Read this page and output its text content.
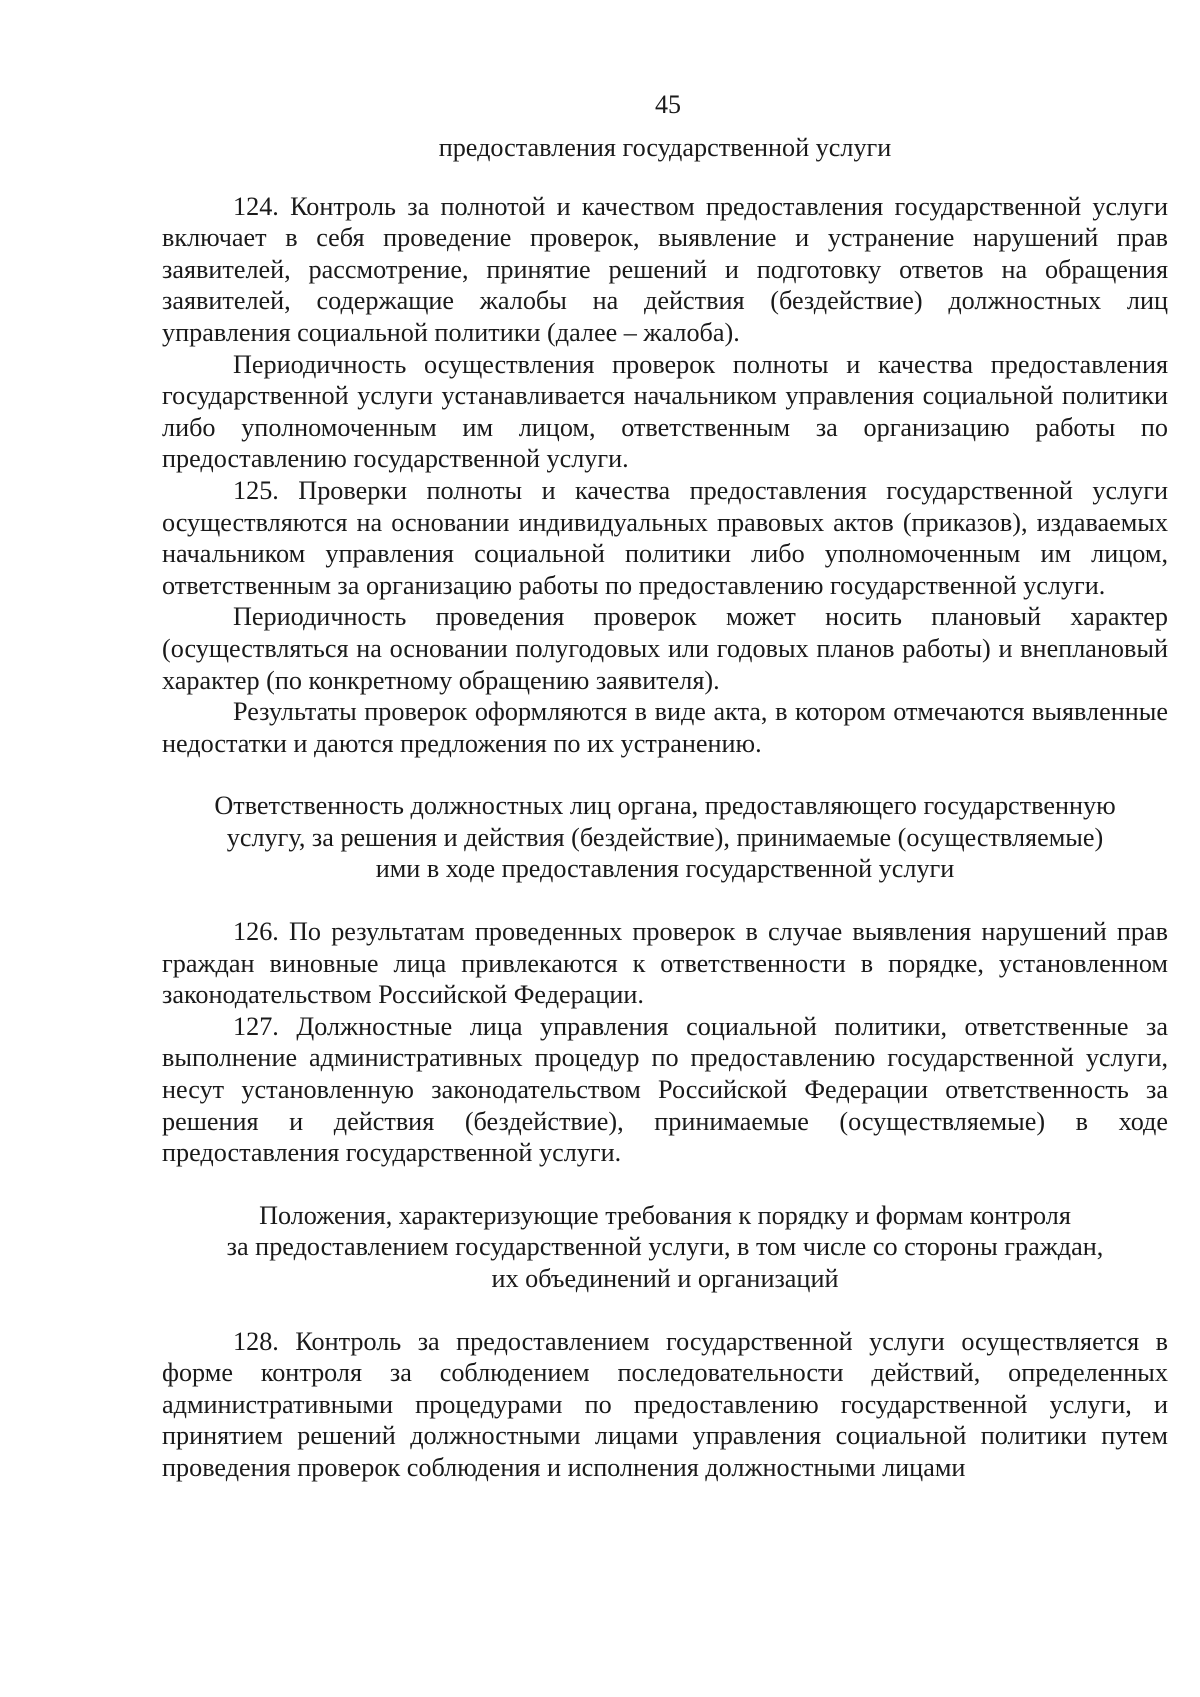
45

предоставления государственной услуги

124. Контроль за полнотой и качеством предоставления государственной услуги включает в себя проведение проверок, выявление и устранение нарушений прав заявителей, рассмотрение, принятие решений и подготовку ответов на обращения заявителей, содержащие жалобы на действия (бездействие) должностных лиц управления социальной политики (далее – жалоба).

Периодичность осуществления проверок полноты и качества предоставления государственной услуги устанавливается начальником управления социальной политики либо уполномоченным им лицом, ответственным за организацию работы по предоставлению государственной услуги.

125. Проверки полноты и качества предоставления государственной услуги осуществляются на основании индивидуальных правовых актов (приказов), издаваемых начальником управления социальной политики либо уполномоченным им лицом, ответственным за организацию работы по предоставлению государственной услуги.

Периодичность проведения проверок может носить плановый характер (осуществляться на основании полугодовых или годовых планов работы) и внеплановый характер (по конкретному обращению заявителя).

Результаты проверок оформляются в виде акта, в котором отмечаются выявленные недостатки и даются предложения по их устранению.

Ответственность должностных лиц органа, предоставляющего государственную
услугу, за решения и действия (бездействие), принимаемые (осуществляемые)
ими в ходе предоставления государственной услуги

126. По результатам проведенных проверок в случае выявления нарушений прав граждан виновные лица привлекаются к ответственности в порядке, установленном законодательством Российской Федерации.

127. Должностные лица управления социальной политики, ответственные за выполнение административных процедур по предоставлению государственной услуги, несут установленную законодательством Российской Федерации ответственность за решения и действия (бездействие), принимаемые (осуществляемые) в ходе предоставления государственной услуги.

Положения, характеризующие требования к порядку и формам контроля
за предоставлением государственной услуги, в том числе со стороны граждан,
их объединений и организаций

128. Контроль за предоставлением государственной услуги осуществляется в форме контроля за соблюдением последовательности действий, определенных административными процедурами по предоставлению государственной услуги, и принятием решений должностными лицами управления социальной политики путем проведения проверок соблюдения и исполнения должностными лицами
